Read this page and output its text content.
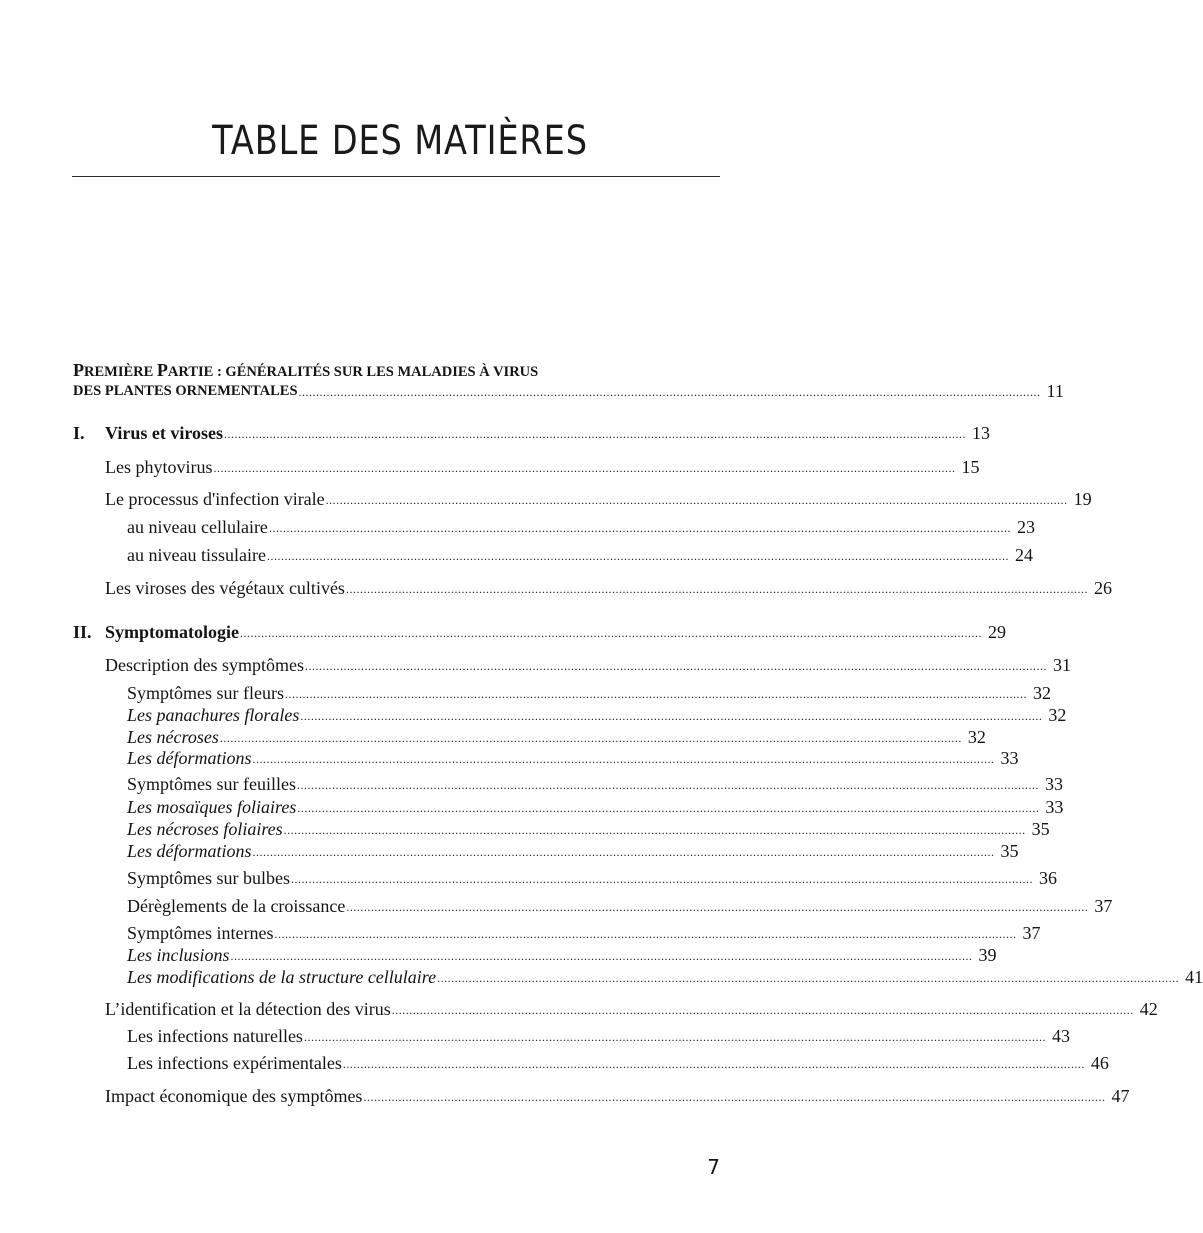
TABLE DES MATIÈRES
PREMIÈRE PARTIE : GÉNÉRALITÉS SUR LES MALADIES À VIRUS
DES PLANTES ORNEMENTALES .................................................................................................................................................................................................................... 11
I. Virus et viroses .................................................................................................................................................................................................................... 13
Les phytovirus .................................................................................................................................................................................................................... 15
Le processus d'infection virale .................................................................................................................................................................................................................... 19
au niveau cellulaire .................................................................................................................................................................................................................... 23
au niveau tissulaire .................................................................................................................................................................................................................... 24
Les viroses des végétaux cultivés .................................................................................................................................................................................................................... 26
II. Symptomatologie .................................................................................................................................................................................................................... 29
Description des symptômes .................................................................................................................................................................................................................... 31
Symptômes sur fleurs .................................................................................................................................................................................................................... 32
Les panachures florales .................................................................................................................................................................................................................... 32
Les nécroses .................................................................................................................................................................................................................... 32
Les déformations .................................................................................................................................................................................................................... 33
Symptômes sur feuilles .................................................................................................................................................................................................................... 33
Les mosaïques foliaires .................................................................................................................................................................................................................... 33
Les nécroses foliaires .................................................................................................................................................................................................................... 35
Les déformations .................................................................................................................................................................................................................... 35
Symptômes sur bulbes .................................................................................................................................................................................................................... 36
Dérèglements de la croissance .................................................................................................................................................................................................................... 37
Symptômes internes .................................................................................................................................................................................................................... 37
Les inclusions .................................................................................................................................................................................................................... 39
Les modifications de la structure cellulaire .................................................................................................................................................................................................................... 41
L’identification et la détection des virus .................................................................................................................................................................................................................... 42
Les infections naturelles .................................................................................................................................................................................................................... 43
Les infections expérimentales .................................................................................................................................................................................................................... 46
Impact économique des symptômes .................................................................................................................................................................................................................... 47
7
